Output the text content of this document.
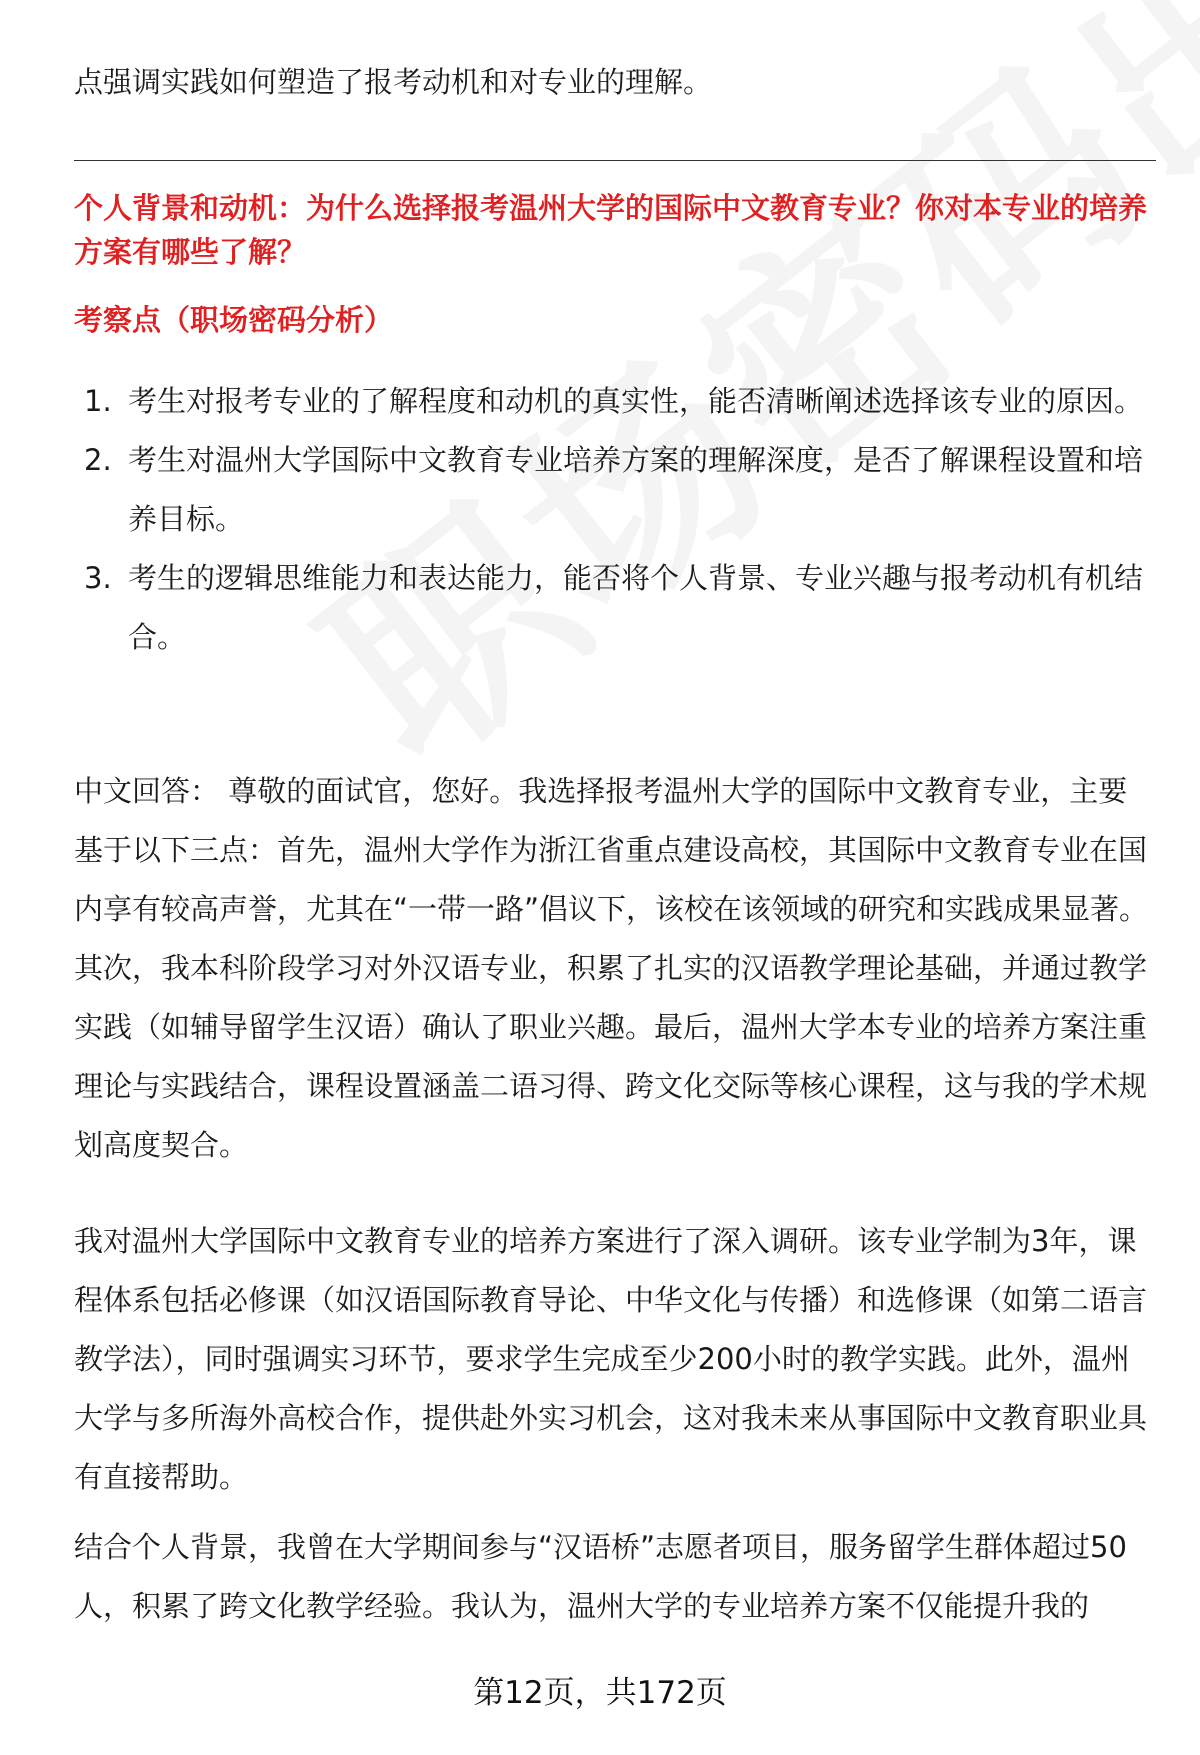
点强调实践如何塑造了报考动机和对专业的理解。

个人背景和动机：为什么选择报考温州大学的国际中文教育专业？你对本专业的培养方案有哪些了解？
考察点（职场密码分析）
1. 考生对报考专业的了解程度和动机的真实性，能否清晰阐述选择该专业的原因。
2. 考生对温州大学国际中文教育专业培养方案的理解深度，是否了解课程设置和培养目标。
3. 考生的逻辑思维能力和表达能力，能否将个人背景、专业兴趣与报考动机有机结合。

中文回答： 尊敬的面试官，您好。我选择报考温州大学的国际中文教育专业，主要基于以下三点：首先，温州大学作为浙江省重点建设高校，其国际中文教育专业在国内享有较高声誉，尤其在“一带一路”倡议下，该校在该领域的研究和实践成果显著。其次，我本科阶段学习对外汉语专业，积累了扎实的汉语教学理论基础，并通过教学实践（如辅导留学生汉语）确认了职业兴趣。最后，温州大学本专业的培养方案注重理论与实践结合，课程设置涵盖二语习得、跨文化交际等核心课程，这与我的学术规划高度契合。

我对温州大学国际中文教育专业的培养方案进行了深入调研。该专业学制为3年，课程体系包括必修课（如汉语国际教育导论、中华文化与传播）和选修课（如第二语言教学法），同时强调实习环节，要求学生完成至少200小时的教学实践。此外，温州大学与多所海外高校合作，提供赴外实习机会，这对我未来从事国际中文教育职业具有直接帮助。

结合个人背景，我曾在大学期间参与“汉语桥”志愿者项目，服务留学生群体超过50人，积累了跨文化教学经验。我认为，温州大学的专业培养方案不仅能提升我的

第12页，共172页
